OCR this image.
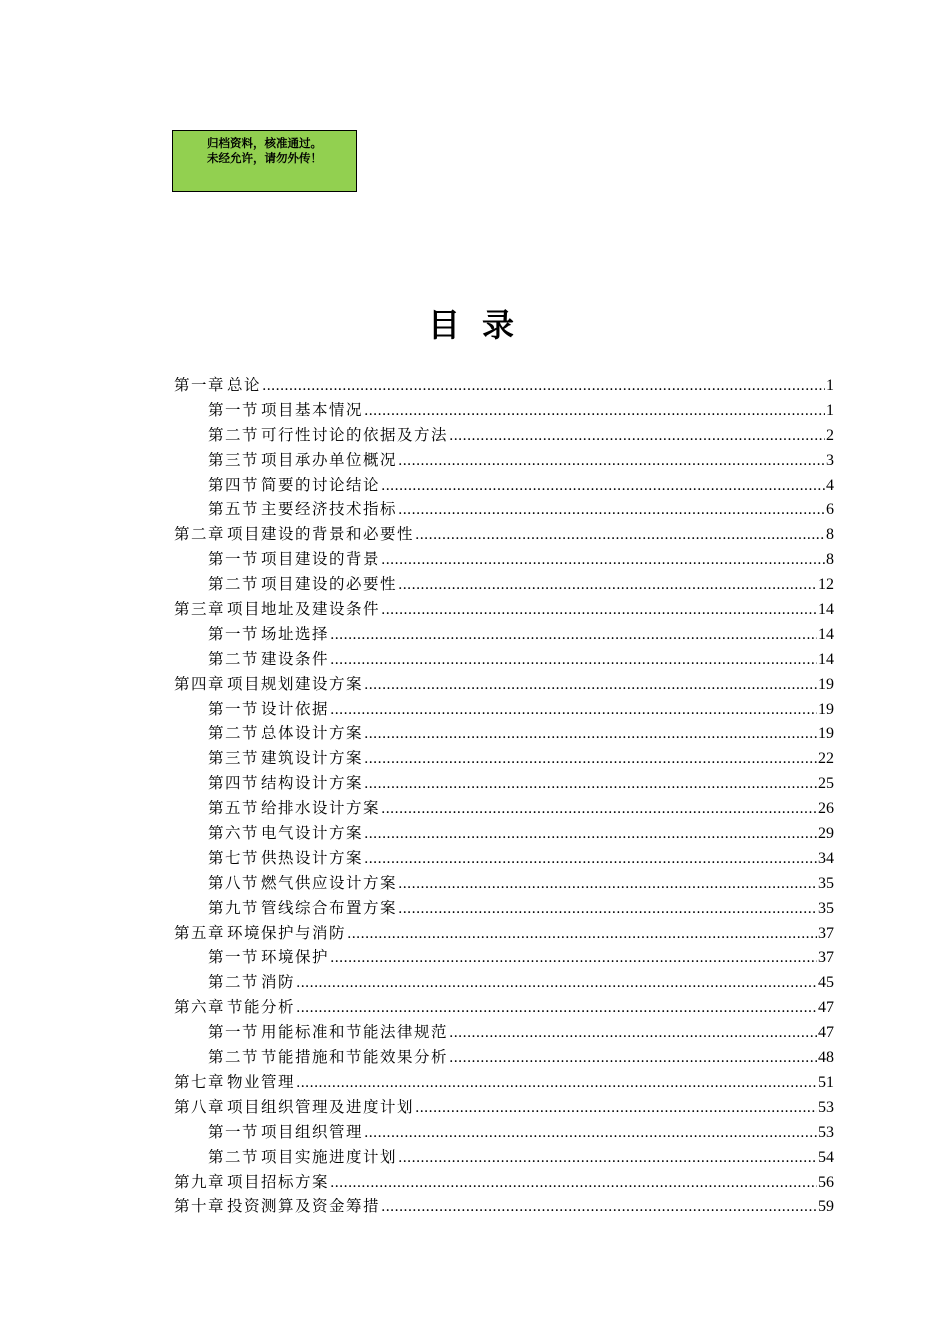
归档资料，核准通过。
未经允许，请勿外传！
目录
第一章 总论 .....	1
第一节 项目基本情况 .....	1
第二节 可行性讨论的依据及方法 .....	2
第三节 项目承办单位概况 .....	3
第四节 简要的讨论结论 .....	4
第五节 主要经济技术指标 .....	6
第二章 项目建设的背景和必要性 .....	8
第一节 项目建设的背景 .....	8
第二节 项目建设的必要性 .....	12
第三章 项目地址及建设条件 .....	14
第一节 场址选择 .....	14
第二节 建设条件 .....	14
第四章 项目规划建设方案 .....	19
第一节 设计依据 .....	19
第二节 总体设计方案 .....	19
第三节 建筑设计方案 .....	22
第四节 结构设计方案 .....	25
第五节 给排水设计方案 .....	26
第六节 电气设计方案 .....	29
第七节 供热设计方案 .....	34
第八节 燃气供应设计方案 .....	35
第九节 管线综合布置方案 .....	35
第五章 环境保护与消防 .....	37
第一节 环境保护 .....	37
第二节 消防 .....	45
第六章 节能分析 .....	47
第一节 用能标准和节能法律规范 .....	47
第二节 节能措施和节能效果分析 .....	48
第七章 物业管理 .....	51
第八章 项目组织管理及进度计划 .....	53
第一节 项目组织管理 .....	53
第二节 项目实施进度计划 .....	54
第九章 项目招标方案 .....	56
第十章 投资测算及资金筹措 .....	59
